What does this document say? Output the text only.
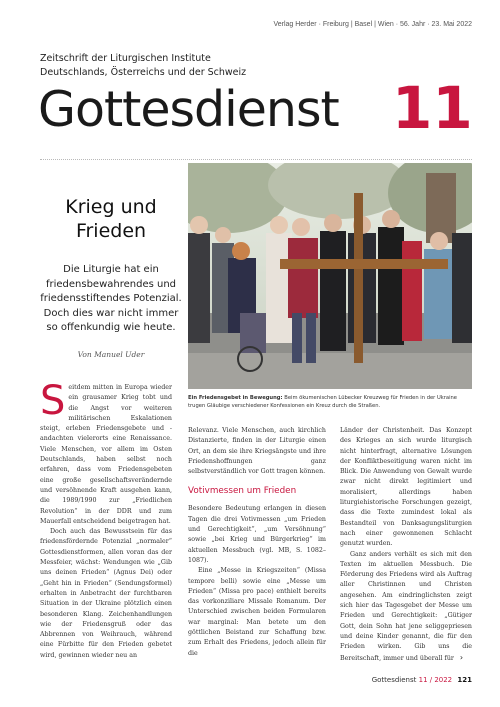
Verlag Herder · Freiburg | Basel | Wien · 56. Jahr · 23. Mai 2022
Zeitschrift der Liturgischen Institute
Deutschlands, Österreichs und der Schweiz
Gottesdienst 11
Krieg und Frieden
Die Liturgie hat ein friedensbewahrendes und friedensstiftendes Potenzial. Doch dies war nicht immer so offenkundig wie heute.
Von Manuel Uder
Ein Friedensgebet in Bewegung: Beim ökumenischen Lübecker Kreuzweg für Frieden in der Ukraine trugen Gläubige verschiedener Konfessionen ein Kreuz durch die Straßen.

Seitdem mitten in Europa wieder ein grausamer Krieg tobt und die Angst vor weiteren militärischen Eskalationen steigt, erleben Friedensgebete und -andachten vielerorts eine Renaissance. Viele Menschen, vor allem im Osten Deutschlands, haben selbst noch erfahren, dass vom Friedensgebeten eine große gesellschaftsverändernde und versöhnende Kraft ausgehen kann, die 1989/1990 zur „Friedlichen Revolution“ in der DDR und zum Mauerfall entscheidend beigetragen hat.

Doch auch das Bewusstsein für das friedensfördernde Potenzial „normaler“ Gottesdienstformen, allen voran das der Messfeier, wächst: Wendungen wie „Gib uns deinen Frieden“ (Agnus Dei) oder „Geht hin in Frieden“ (Sendungsformel) erhalten in Anbetracht der furchtbaren Situation in der Ukraine plötzlich einen besonderen Klang. Zeichenhandlungen wie der Friedensgruß oder das Abbrennen von Weihrauch, während eine Fürbitte für den Frieden gebetet wird, gewinnen wieder neu an

Relevanz. Viele Menschen, auch kirchlich Distanzierte, finden in der Liturgie einen Ort, an dem sie ihre Kriegsängste und ihre Friedenshoffnungen ganz selbstverständlich vor Gott tragen können.

Votivmessen um Frieden

Besondere Bedeutung erlangen in diesen Tagen die drei Votivmessen „um Frieden und Gerechtigkeit“, „um Versöhnung“ sowie „bei Krieg und Bürgerkrieg“ im aktuellen Messbuch (vgl. MB, S. 1082–1087).

Eine „Messe in Kriegszeiten“ (Missa tempore belli) sowie eine „Messe um Frieden“ (Missa pro pace) enthielt bereits das vorkonziliare Missale Romanum. Der Unterschied zwischen beiden Formularen war marginal: Man betete um den göttlichen Beistand zur Schaffung bzw. zum Erhalt des Friedens, jedoch allein für die

Länder der Christenheit. Das Konzept des Krieges an sich wurde liturgisch nicht hinterfragt, alternative Lösungen der Konfliktbeseitigung waren nicht im Blick. Die Anwendung von Gewalt wurde zwar nicht direkt legitimiert und moralisiert, allerdings haben liturgiehistorische Forschungen gezeigt, dass die Texte zumindest lokal als Bestandteil von Danksagungsliturgien nach einer gewonnenen Schlacht genutzt wurden.

Ganz anders verhält es sich mit den Texten im aktuellen Messbuch. Die Förderung des Friedens wird als Auftrag aller Christinnen und Christen angesehen. Am eindringlichsten zeigt sich hier das Tagesgebet der Messe um Frieden und Gerechtigkeit: „Gütiger Gott, dein Sohn hat jene seliggepriesen und deine Kinder genannt, die für den Frieden wirken. Gib uns die Bereitschaft, immer und überall für ›

Gottesdienst 11 / 2022 121
